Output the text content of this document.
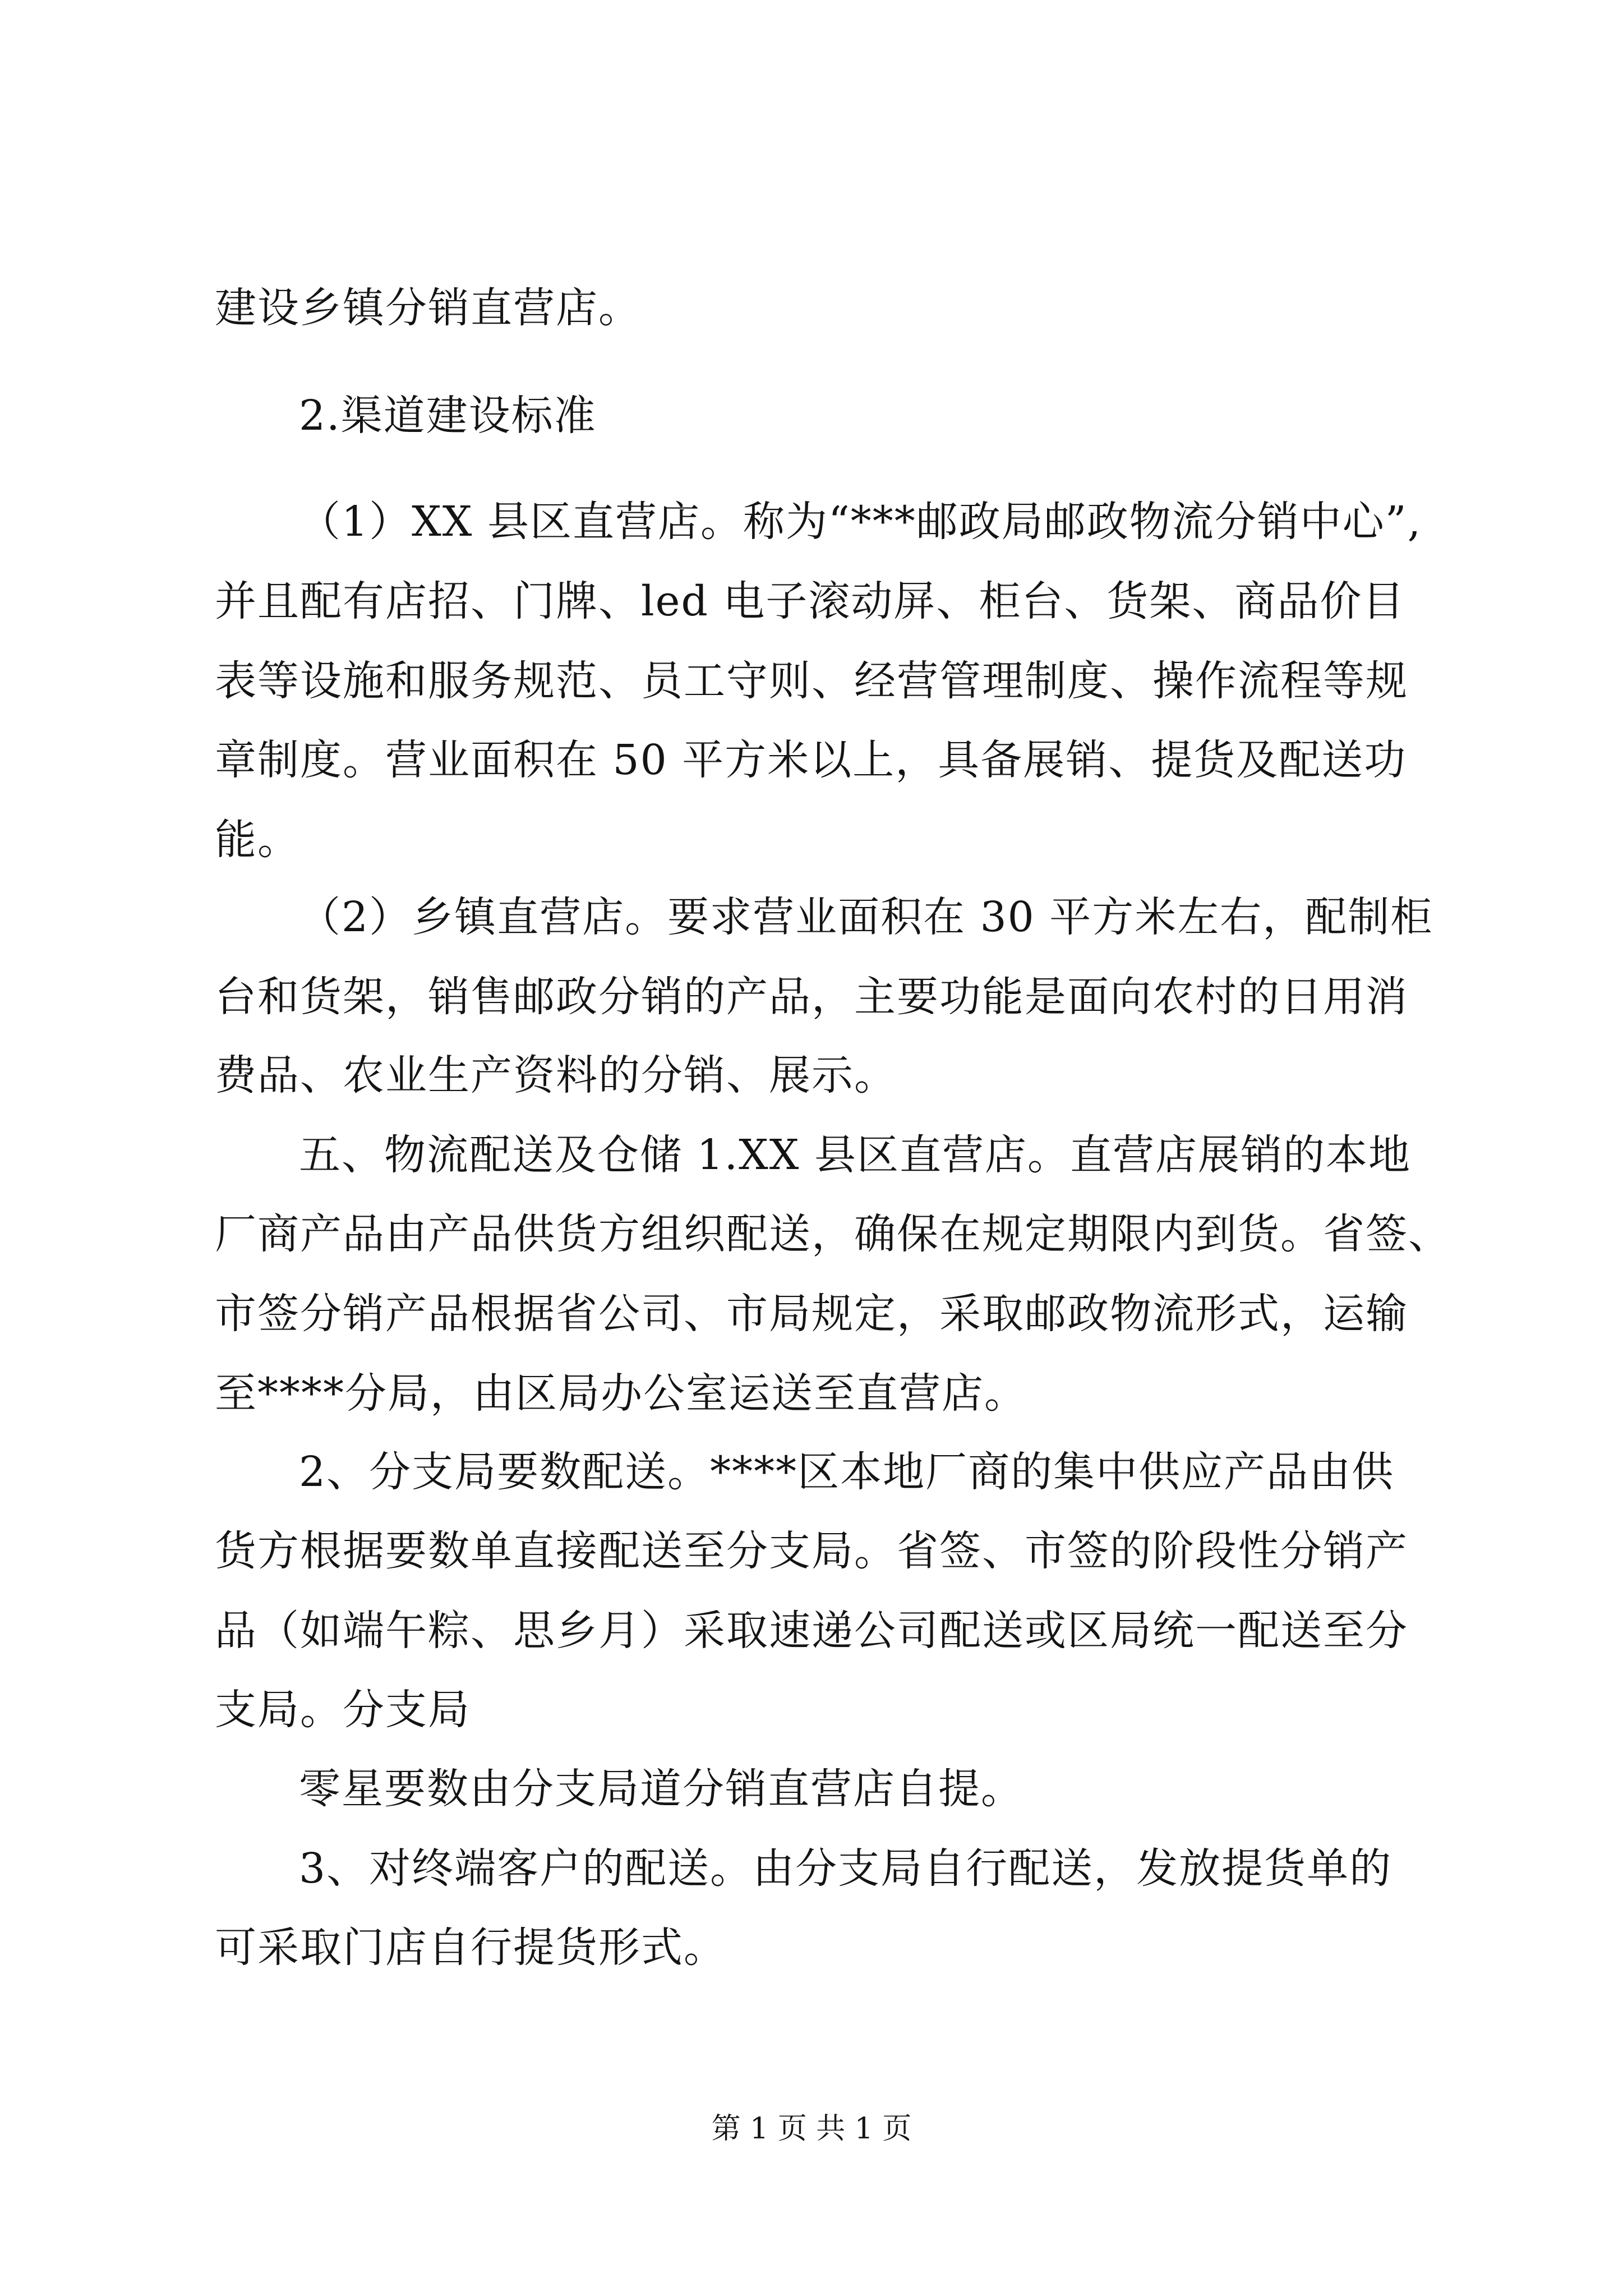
建设乡镇分销直营店。
2.渠道建设标准
（1）XX 县区直营店。称为“***邮政局邮政物流分销中心”,
并且配有店招、门牌、led 电子滚动屏、柜台、货架、商品价目
表等设施和服务规范、员工守则、经营管理制度、操作流程等规
章制度。营业面积在 50 平方米以上，具备展销、提货及配送功
能。
（2）乡镇直营店。要求营业面积在 30 平方米左右，配制柜
台和货架，销售邮政分销的产品，主要功能是面向农村的日用消
费品、农业生产资料的分销、展示。
五、物流配送及仓储 1.XX 县区直营店。直营店展销的本地
厂商产品由产品供货方组织配送，确保在规定期限内到货。省签、
市签分销产品根据省公司、市局规定，采取邮政物流形式，运输
至****分局，由区局办公室运送至直营店。
2、分支局要数配送。****区本地厂商的集中供应产品由供
货方根据要数单直接配送至分支局。省签、市签的阶段性分销产
品（如端午粽、思乡月）采取速递公司配送或区局统一配送至分
支局。分支局
零星要数由分支局道分销直营店自提。
3、对终端客户的配送。由分支局自行配送，发放提货单的
可采取门店自行提货形式。
第 1 页 共 1 页
